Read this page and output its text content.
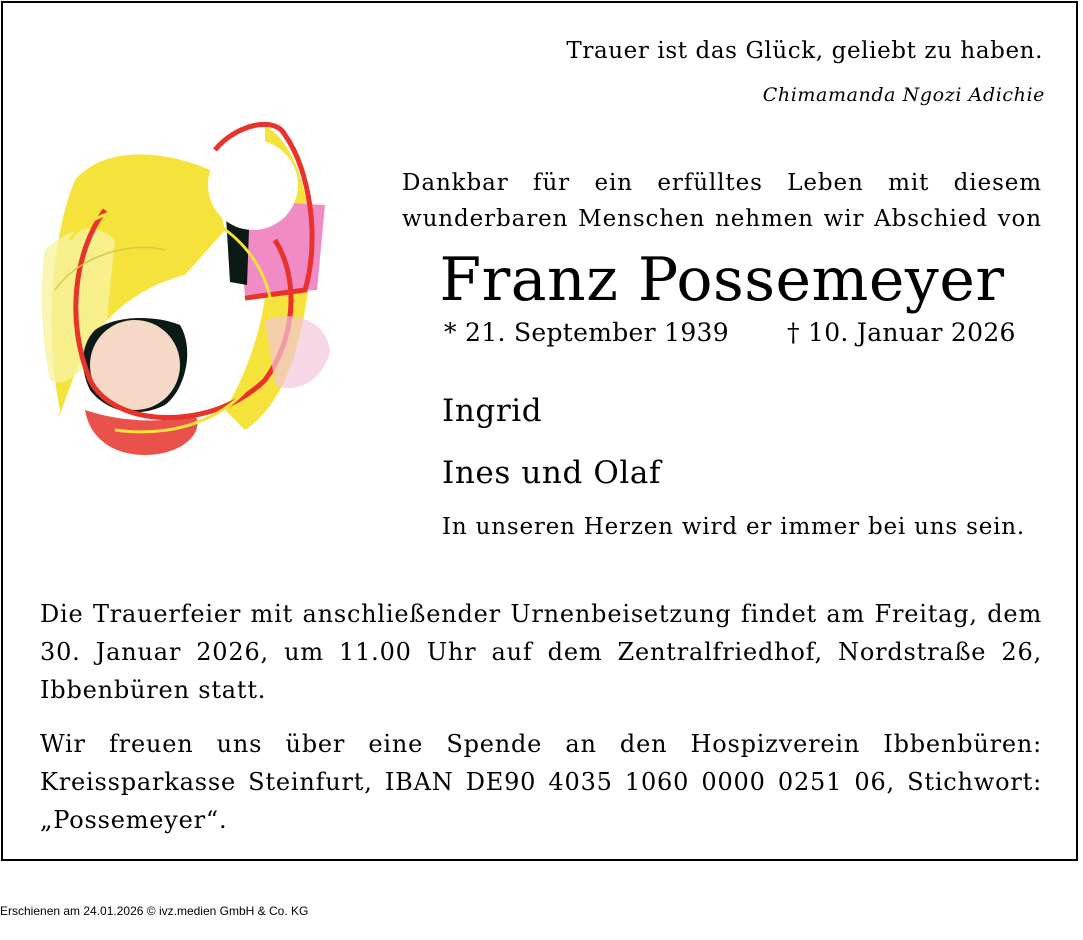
Trauer ist das Glück, geliebt zu haben.
Chimamanda Ngozi Adichie
Dankbar für ein erfülltes Leben mit diesem
wunderbaren Menschen nehmen wir Abschied von
Franz Possemeyer
* 21. September 1939 † 10. Januar 2026
Ingrid
Ines und Olaf
In unseren Herzen wird er immer bei uns sein.
Die Trauerfeier mit anschließender Urnenbeisetzung findet am Freitag, dem 30. Januar 2026, um 11.00 Uhr auf dem Zentralfriedhof, Nordstraße 26, Ibbenbüren statt.
Wir freuen uns über eine Spende an den Hospizverein Ibbenbüren: Kreissparkasse Steinfurt, IBAN DE90 4035 1060 0000 0251 06, Stichwort: „Possemeyer“.
Erschienen am 24.01.2026 © ivz.medien GmbH & Co. KG
